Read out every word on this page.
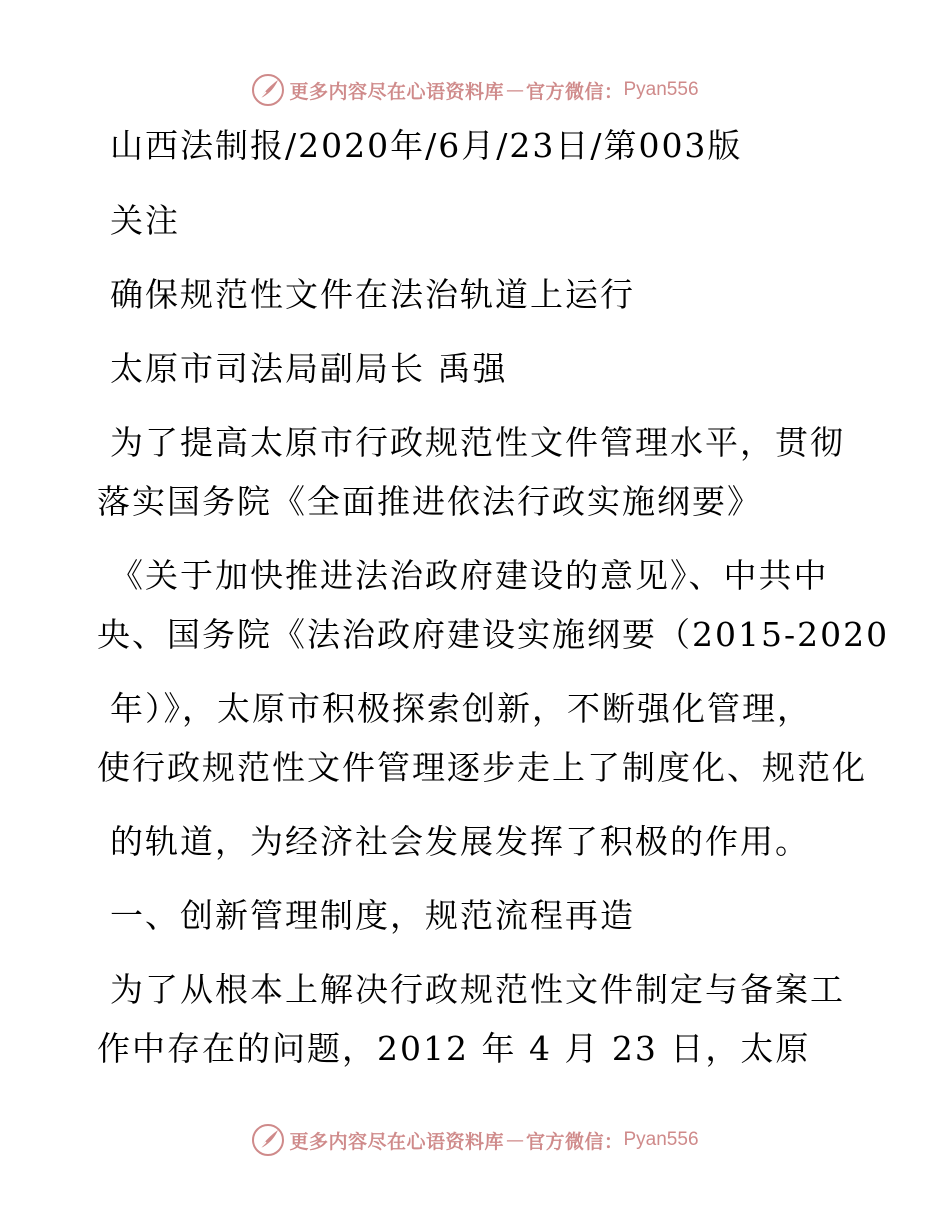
更多内容尽在心语资料库 — 官方微信： Pyan556
山西法制报/2020年/6月/23日/第003版
关注
确保规范性文件在法治轨道上运行
太原市司法局副局长 禹强
为了提高太原市行政规范性文件管理水平，贯彻
落实国务院《全面推进依法行政实施纲要》
《关于加快推进法治政府建设的意见》、中共中
央、国务院《法治政府建设实施纲要（2015-2020
年）》，太原市积极探索创新，不断强化管理，
使行政规范性文件管理逐步走上了制度化、规范化
的轨道，为经济社会发展发挥了积极的作用。
一、创新管理制度，规范流程再造
为了从根本上解决行政规范性文件制定与备案工
作中存在的问题，2012 年 4 月 23 日，太原
更多内容尽在心语资料库 — 官方微信： Pyan556
